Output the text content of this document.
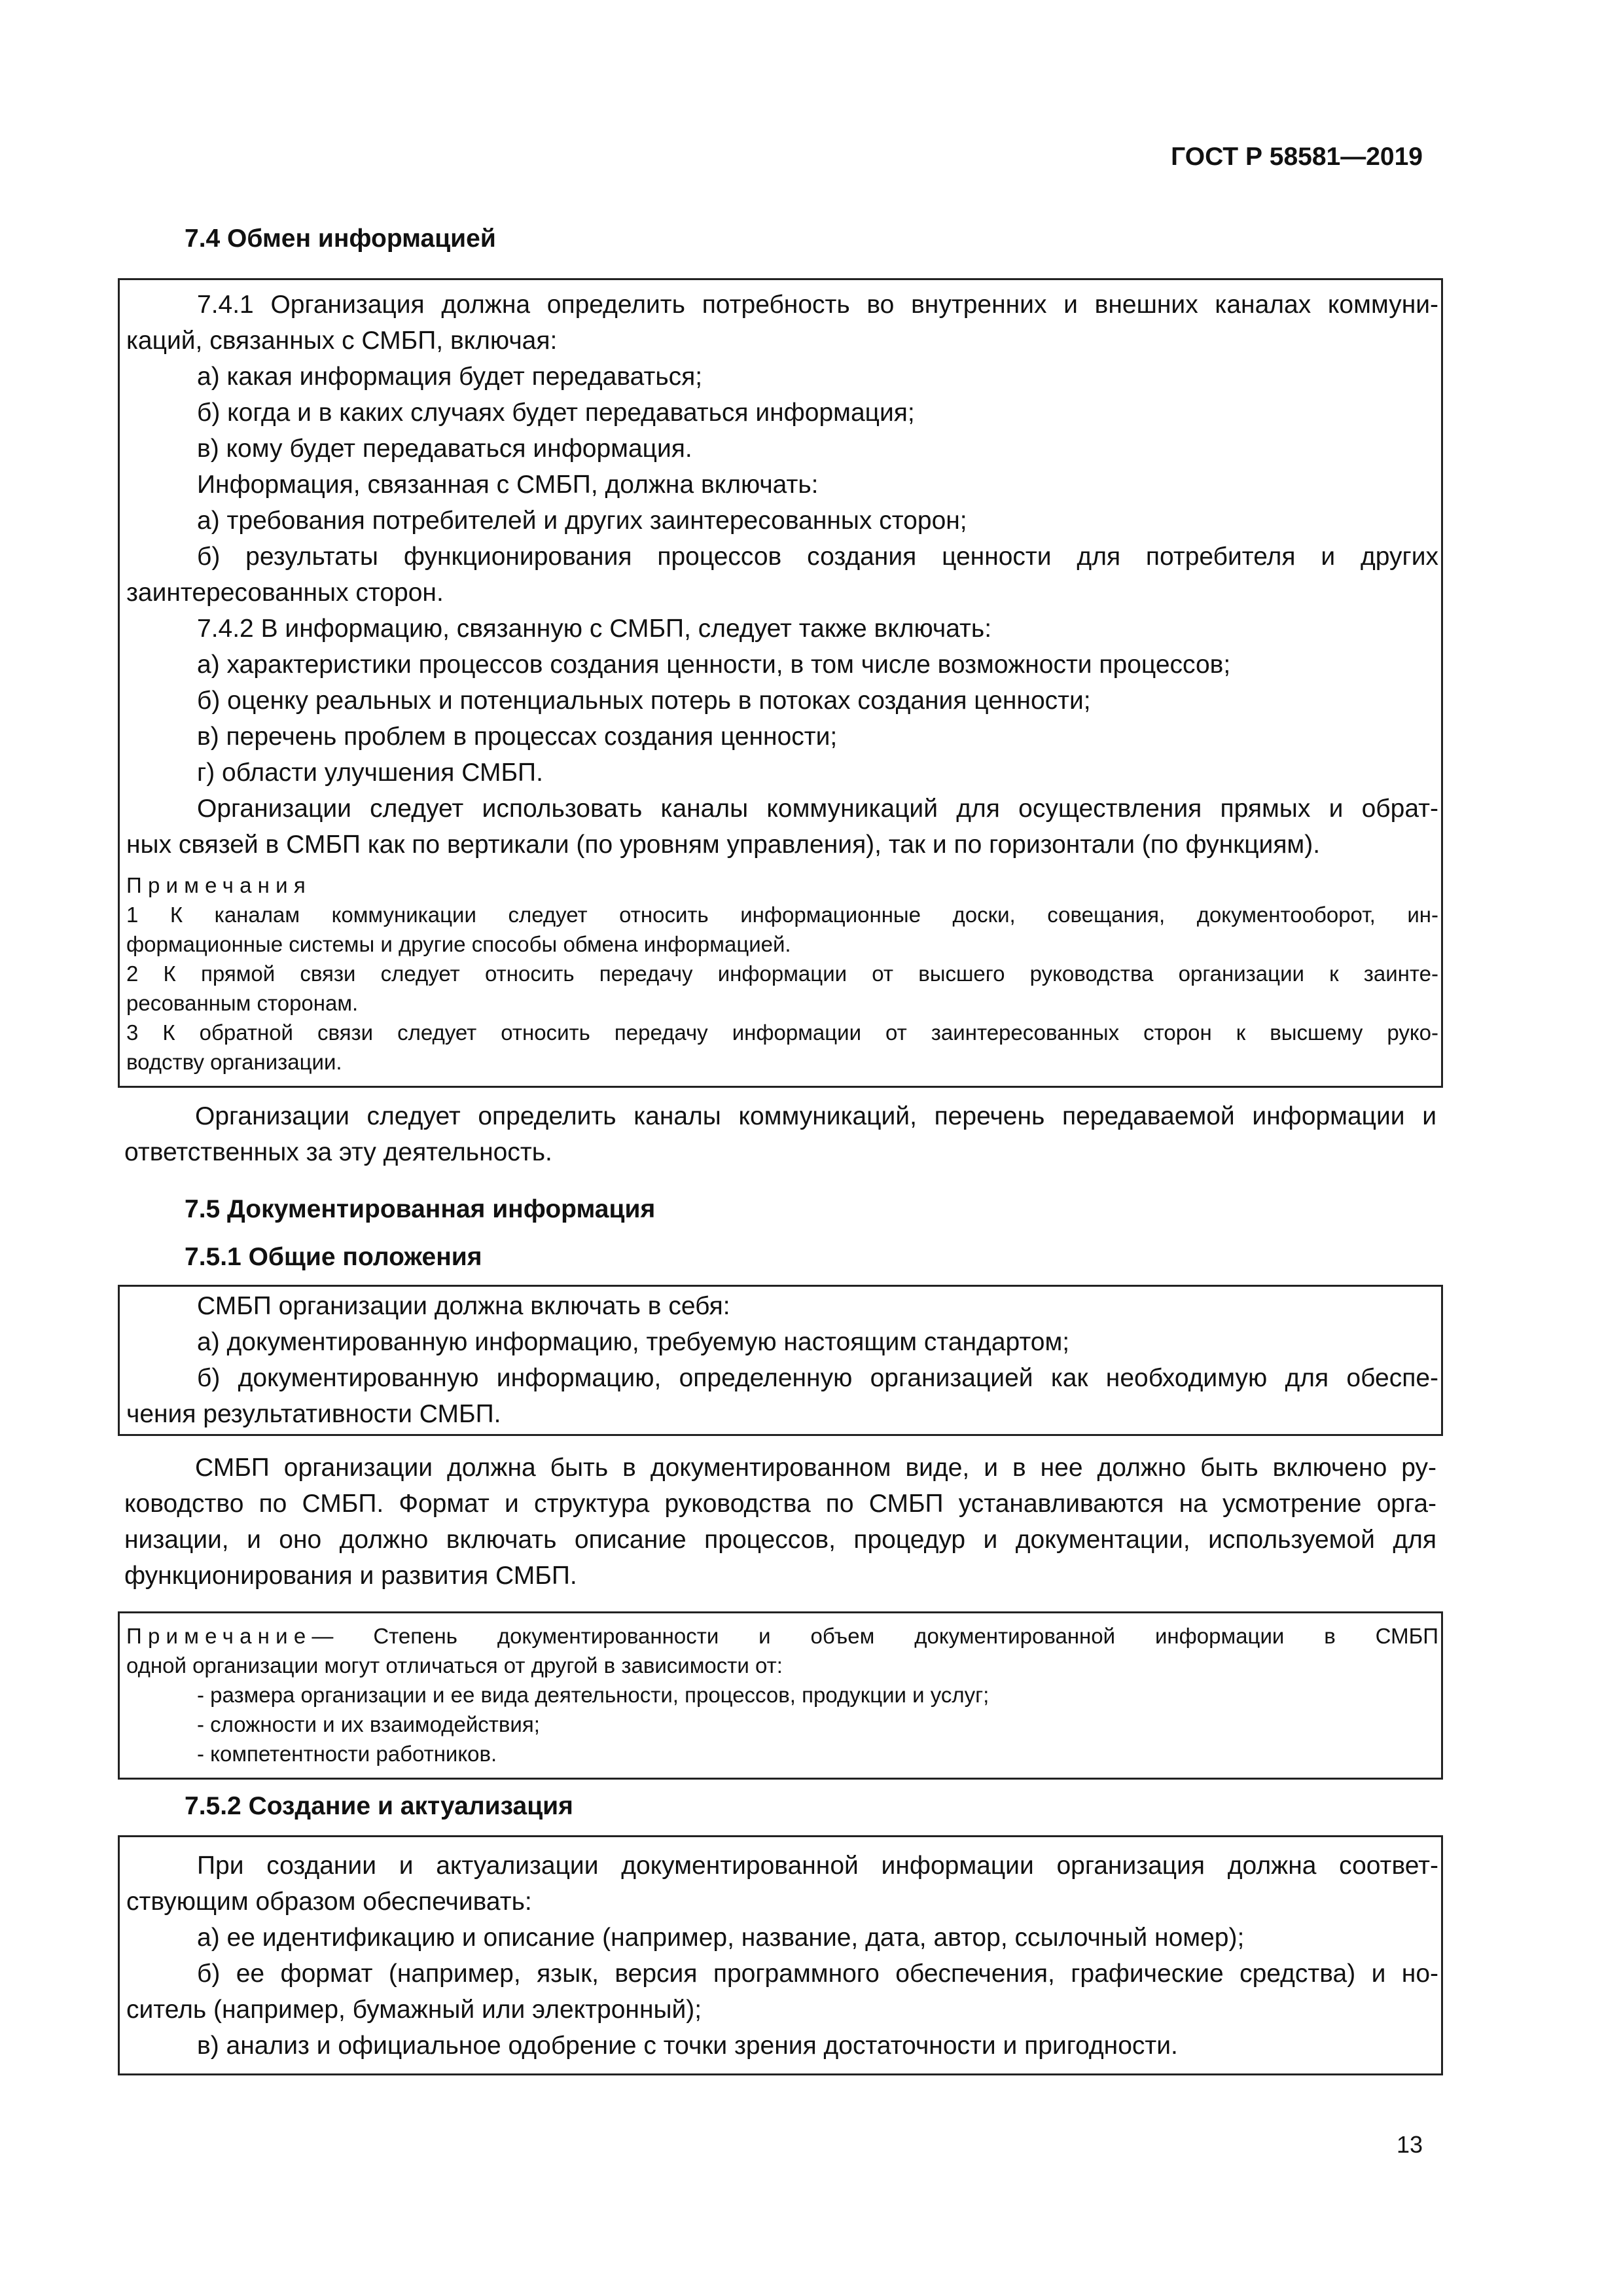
ГОСТ Р 58581—2019
7.4 Обмен информацией
7.4.1 Организация должна определить потребность во внутренних и внешних каналах коммуни-
каций, связанных с СМБП, включая:
а) какая информация будет передаваться;
б) когда и в каких случаях будет передаваться информация;
в) кому будет передаваться информация.
Информация, связанная с СМБП, должна включать:
а) требования потребителей и других заинтересованных сторон;
б) результаты функционирования процессов создания ценности для потребителя и других
заинтересованных сторон.
7.4.2 В информацию, связанную с СМБП, следует также включать:
а) характеристики процессов создания ценности, в том числе возможности процессов;
б) оценку реальных и потенциальных потерь в потоках создания ценности;
в) перечень проблем в процессах создания ценности;
г) области улучшения СМБП.
Организации следует использовать каналы коммуникаций для осуществления прямых и обрат-
ных связей в СМБП как по вертикали (по уровням управления), так и по горизонтали (по функциям).
Примечания
1 К каналам коммуникации следует относить информационные доски, совещания, документооборот, ин-
формационные системы и другие способы обмена информацией.
2 К прямой связи следует относить передачу информации от высшего руководства организации к заинте-
ресованным сторонам.
3 К обратной связи следует относить передачу информации от заинтересованных сторон к высшему руко-
водству организации.
Организации следует определить каналы коммуникаций, перечень передаваемой информации и
ответственных за эту деятельность.
7.5 Документированная информация
7.5.1 Общие положения
СМБП организации должна включать в себя:
а) документированную информацию, требуемую настоящим стандартом;
б) документированную информацию, определенную организацией как необходимую для обеспе-
чения результативности СМБП.
СМБП организации должна быть в документированном виде, и в нее должно быть включено ру-
ководство по СМБП. Формат и структура руководства по СМБП устанавливаются на усмотрение орга-
низации, и оно должно включать описание процессов, процедур и документации, используемой для
функционирования и развития СМБП.
Примечание — Степень документированности и объем документированной информации в СМБП
одной организации могут отличаться от другой в зависимости от:
- размера организации и ее вида деятельности, процессов, продукции и услуг;
- сложности и их взаимодействия;
- компетентности работников.
7.5.2 Создание и актуализация
При создании и актуализации документированной информации организация должна соответ-
ствующим образом обеспечивать:
а) ее идентификацию и описание (например, название, дата, автор, ссылочный номер);
б) ее формат (например, язык, версия программного обеспечения, графические средства) и но-
ситель (например, бумажный или электронный);
в) анализ и официальное одобрение с точки зрения достаточности и пригодности.
13
